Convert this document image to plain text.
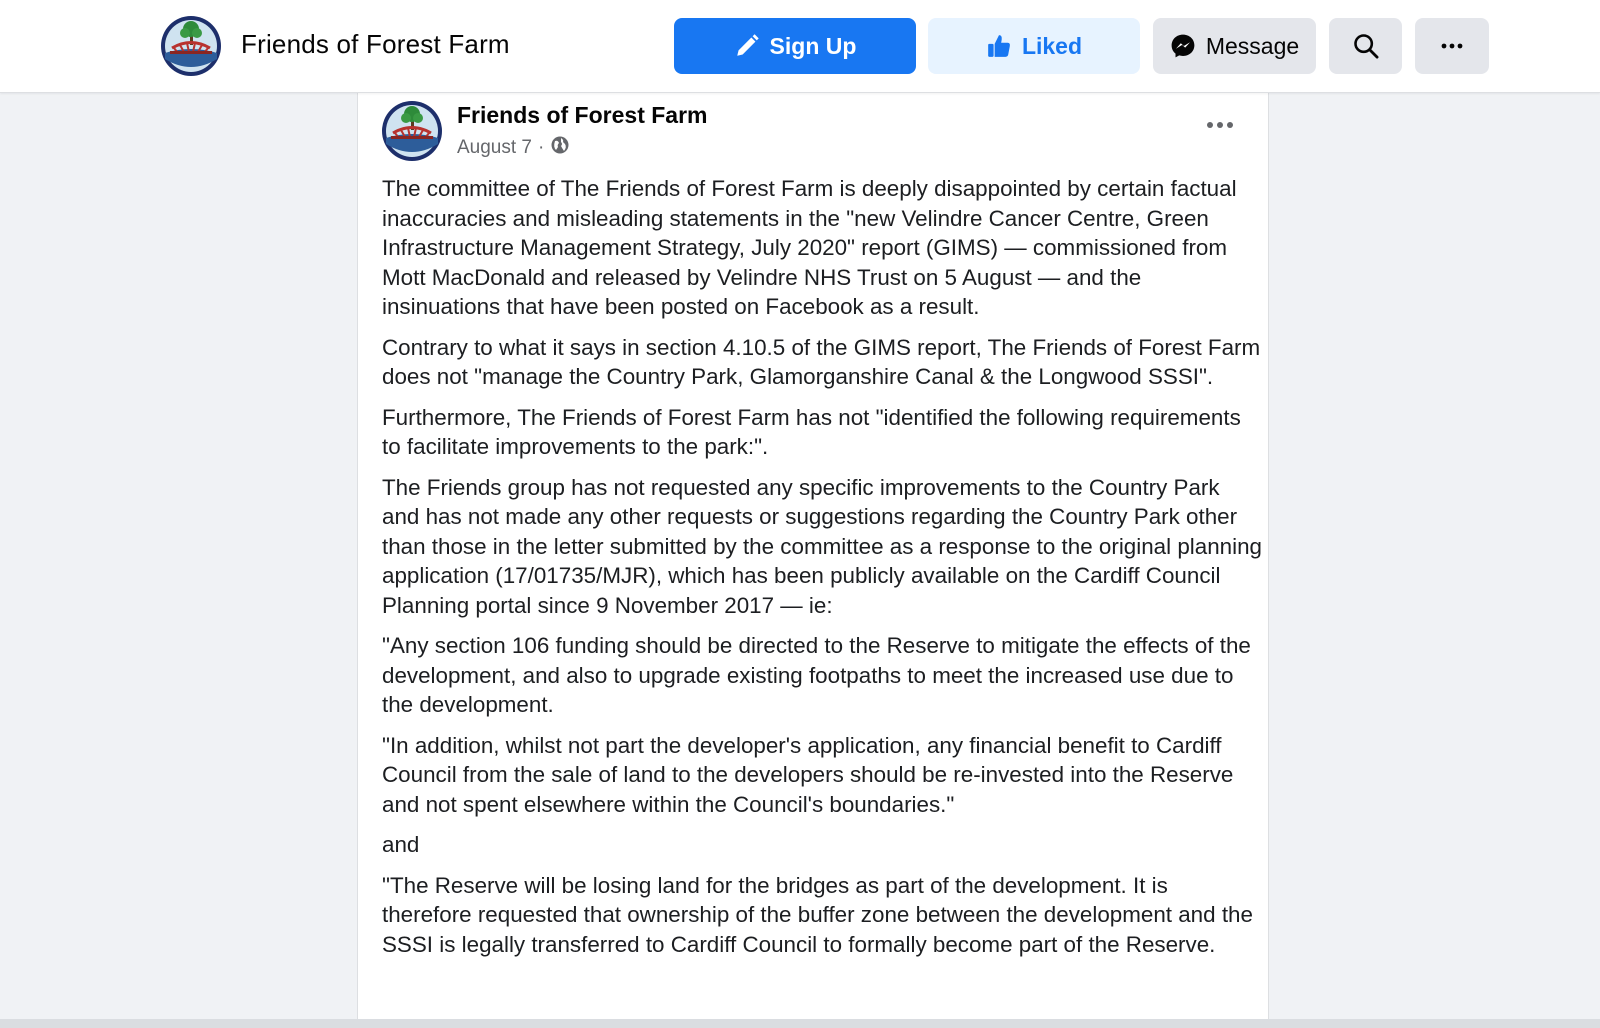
Friends of Forest Farm	Sign Up	Liked	Message
Friends of Forest Farm
August 7 ·

The committee of The Friends of Forest Farm is deeply disappointed by certain factual inaccuracies and misleading statements in the "new Velindre Cancer Centre, Green Infrastructure Management Strategy, July 2020" report (GIMS) — commissioned from Mott MacDonald and released by Velindre NHS Trust on 5 August — and the insinuations that have been posted on Facebook as a result.

Contrary to what it says in section 4.10.5 of the GIMS report, The Friends of Forest Farm does not "manage the Country Park, Glamorganshire Canal & the Longwood SSSI".

Furthermore, The Friends of Forest Farm has not "identified the following requirements to facilitate improvements to the park:".

The Friends group has not requested any specific improvements to the Country Park and has not made any other requests or suggestions regarding the Country Park other than those in the letter submitted by the committee as a response to the original planning application (17/01735/MJR), which has been publicly available on the Cardiff Council Planning portal since 9 November 2017 — ie:

"Any section 106 funding should be directed to the Reserve to mitigate the effects of the development, and also to upgrade existing footpaths to meet the increased use due to the development.

"In addition, whilst not part the developer's application, any financial benefit to Cardiff Council from the sale of land to the developers should be re-invested into the Reserve and not spent elsewhere within the Council's boundaries."

and

"The Reserve will be losing land for the bridges as part of the development. It is therefore requested that ownership of the buffer zone between the development and the SSSI is legally transferred to Cardiff Council to formally become part of the Reserve.
